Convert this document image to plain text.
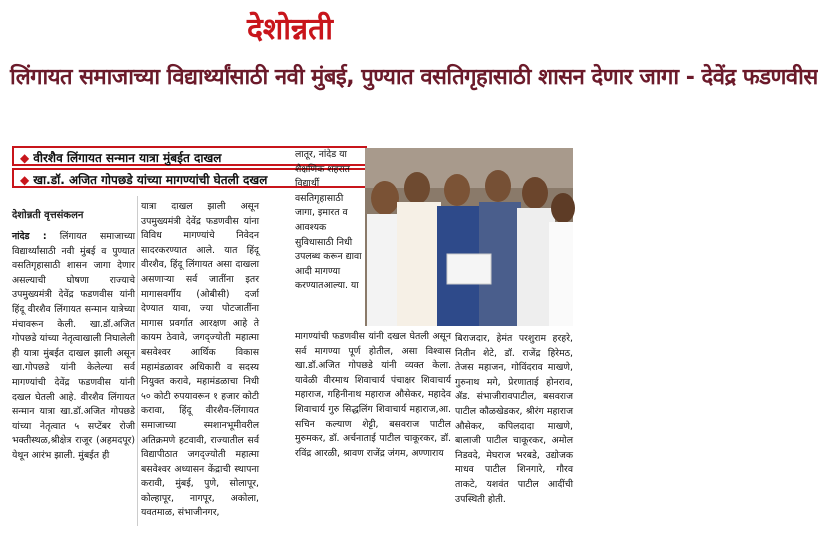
देशोन्नती
लिंगायत समाजाच्या विद्यार्थ्यांसाठी नवी मुंबई, पुण्यात वसतिगृहासाठी शासन देणार जागा - देवेंद्र फडणवीस
◆ वीरशैव लिंगायत सन्मान यात्रा मुंबईत दाखल
◆ खा.डॉ. अजित गोपछडे यांच्या मागण्यांची घेतली दखल
देशोन्नती वृत्तसंकलन
नांदेड : लिंगायत समाजाच्या विद्यार्थ्यांसाठी नवी मुंबई व पुण्यात वसतिगृहासाठी शासन जागा देणार असल्याची घोषणा राज्याचे उपमुख्यमंत्री देवेंद्र फडणवीस यांनी हिंदू वीरशैव लिंगायत सन्मान यात्रेच्या मंचावरून केली. खा.डॉ.अजित गोपछडे यांच्या नेतृत्वाखाली निघालेली ही यात्रा मुंबईत दाखल झाली असून खा.गोपछडे यांनी केलेल्या सर्व मागण्यांची देवेंद्र फडणवीस यांनी दखल घेतली आहे. वीरशैव लिंगायत सन्मान यात्रा खा.डॉ.अजित गोपछडे यांच्या नेतृत्वात ५ सप्टेंबर रोजी भक्तीस्थळ,श्रीक्षेत्र राजूर (अहमदपूर) येथून आरंभ झाली. मुंबईत ही
यात्रा दाखल झाली असून उपमुख्यमंत्री देवेंद्र फडणवीस यांना विविध मागण्यांचे निवेदन सादरकरण्यात आले. यात हिंदू वीरशैव, हिंदू लिंगायत असा दाखला असणाऱ्या सर्व जातींना इतर मागासवर्गीय (ओबीसी) दर्जा देण्यात यावा, ज्या पोटजातींना मागास प्रवर्गात आरक्षण आहे ते कायम ठेवावे, जगद्‌ज्योती महात्मा बसवेश्वर आर्थिक विकास महामंडळावर अधिकारी व सदस्य नियुक्त करावे, महामंडळाचा निधी ५० कोटी रुपयावरून १ हजार कोटी करावा, हिंदू वीरशैव-लिंगायत समाजाच्या स्मशानभूमीवरील अतिक्रमणे हटवावी, राज्यातील सर्व विद्यापीठात जगद्‌ज्योती महात्मा बसवेश्वर अध्यासन केंद्राची स्थापना करावी, मुंबई, पुणे, सोलापूर, कोल्हापूर, नागपूर, अकोला, यवतमाळ, संभाजीनगर,
लातूर, नांदेड या शैक्षणिक शहरात विद्यार्थी वसतिगृहासाठी जागा, इमारत व आवश्यक सुविधासाठी निधी उपलब्ध करून द्यावा आदी मागण्या करण्यातआल्या. या
मागण्यांची फडणवीस यांनी दखल घेतली असून सर्व मागण्या पूर्ण होतील, असा विश्वास खा.डॉ.अजित गोपछडे यांनी व्यक्त केला. यावेळी वीरमाथ शिवाचार्य पंचाक्षर शिवाचार्य महाराज, गहिनीनाथ महाराज औसेकर, महादेव शिवाचार्य गुरु सिद्धलिंग शिवाचार्य महाराज,आ. सचिन कल्याण शेट्टी, बसवराज पाटील मुरुमकर, डॉ. अर्चनाताई पाटील चाकूरकर, डॉ. रविंद्र आरळी, श्रावण राजेंद्र जंगम, अण्णाराय
बिराजदार, हेमंत परशुराम हरहरे, नितीन शेटे, डॉ. राजेंद्र हिरेमठ, तेजस महाजन, गोविंदराव माखणे, गुरुनाथ मगे, प्रेरणाताई होनराव, ॲड. संभाजीरावपाटील, बसवराज पाटील कौळखेडकर, श्रीरंग महाराज औसेकर, कपिलदादा माखणे, बालाजी पाटील चाकूरकर, अमोल निडवदे, मेघराज भरबडे, उद्योजक माधव पाटील शिनगारे, गौरव ताकटे, यशवंत पाटील आदींची उपस्थिती होती.
